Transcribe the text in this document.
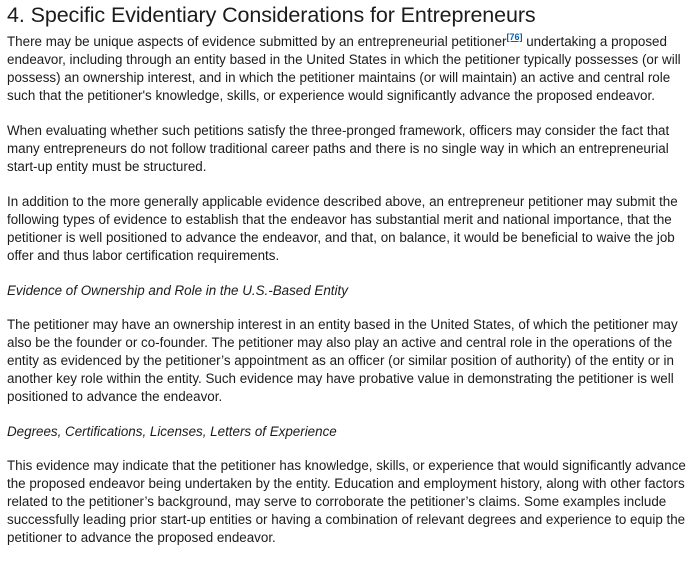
4. Specific Evidentiary Considerations for Entrepreneurs

There may be unique aspects of evidence submitted by an entrepreneurial petitioner[76] undertaking a proposed endeavor, including through an entity based in the United States in which the petitioner typically possesses (or will possess) an ownership interest, and in which the petitioner maintains (or will maintain) an active and central role such that the petitioner's knowledge, skills, or experience would significantly advance the proposed endeavor.

When evaluating whether such petitions satisfy the three-pronged framework, officers may consider the fact that many entrepreneurs do not follow traditional career paths and there is no single way in which an entrepreneurial start-up entity must be structured.

In addition to the more generally applicable evidence described above, an entrepreneur petitioner may submit the following types of evidence to establish that the endeavor has substantial merit and national importance, that the petitioner is well positioned to advance the endeavor, and that, on balance, it would be beneficial to waive the job offer and thus labor certification requirements.

Evidence of Ownership and Role in the U.S.-Based Entity

The petitioner may have an ownership interest in an entity based in the United States, of which the petitioner may also be the founder or co-founder. The petitioner may also play an active and central role in the operations of the entity as evidenced by the petitioner’s appointment as an officer (or similar position of authority) of the entity or in another key role within the entity. Such evidence may have probative value in demonstrating the petitioner is well positioned to advance the endeavor.

Degrees, Certifications, Licenses, Letters of Experience

This evidence may indicate that the petitioner has knowledge, skills, or experience that would significantly advance the proposed endeavor being undertaken by the entity. Education and employment history, along with other factors related to the petitioner’s background, may serve to corroborate the petitioner’s claims. Some examples include successfully leading prior start-up entities or having a combination of relevant degrees and experience to equip the petitioner to advance the proposed endeavor.
